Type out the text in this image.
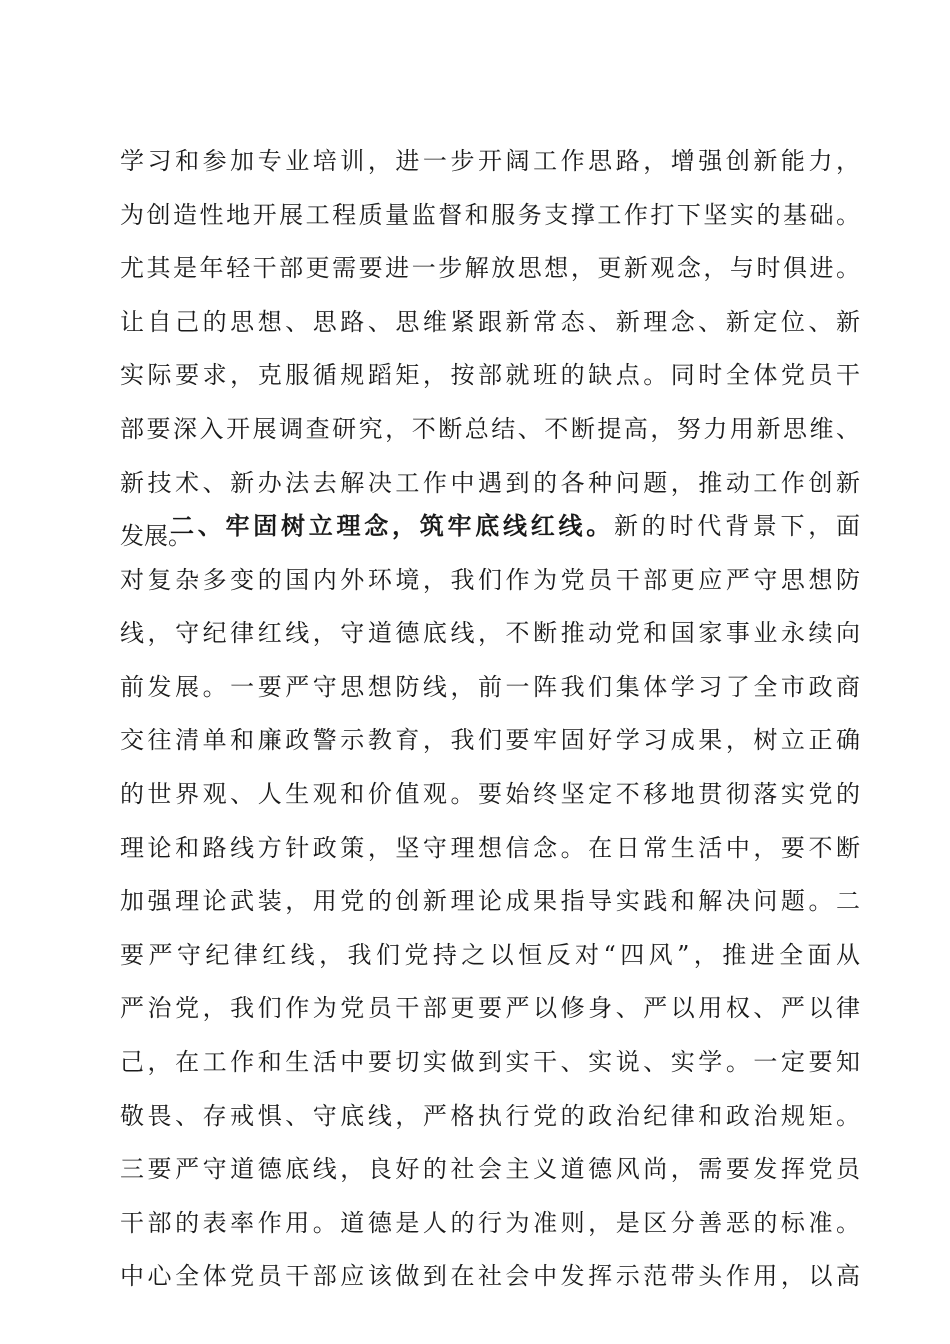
学习和参加专业培训，进一步开阔工作思路，增强创新能力，
为创造性地开展工程质量监督和服务支撑工作打下坚实的基础。
尤其是年轻干部更需要进一步解放思想，更新观念，与时俱进。
让自己的思想、思路、思维紧跟新常态、新理念、新定位、新
实际要求，克服循规蹈矩，按部就班的缺点。同时全体党员干
部要深入开展调查研究，不断总结、不断提高，努力用新思维、
新技术、新办法去解决工作中遇到的各种问题，推动工作创新
发展。
二、牢固树立理念，筑牢底线红线。新的时代背景下，面
对复杂多变的国内外环境，我们作为党员干部更应严守思想防
线，守纪律红线，守道德底线，不断推动党和国家事业永续向
前发展。一要严守思想防线，前一阵我们集体学习了全市政商
交往清单和廉政警示教育，我们要牢固好学习成果，树立正确
的世界观、人生观和价值观。要始终坚定不移地贯彻落实党的
理论和路线方针政策，坚守理想信念。在日常生活中，要不断
加强理论武装，用党的创新理论成果指导实践和解决问题。二
要严守纪律红线，我们党持之以恒反对“四风”，推进全面从
严治党，我们作为党员干部更要严以修身、严以用权、严以律
己，在工作和生活中要切实做到实干、实说、实学。一定要知
敬畏、存戒惧、守底线，严格执行党的政治纪律和政治规矩。
三要严守道德底线，良好的社会主义道德风尚，需要发挥党员
干部的表率作用。道德是人的行为准则，是区分善恶的标准。
中心全体党员干部应该做到在社会中发挥示范带头作用，以高
